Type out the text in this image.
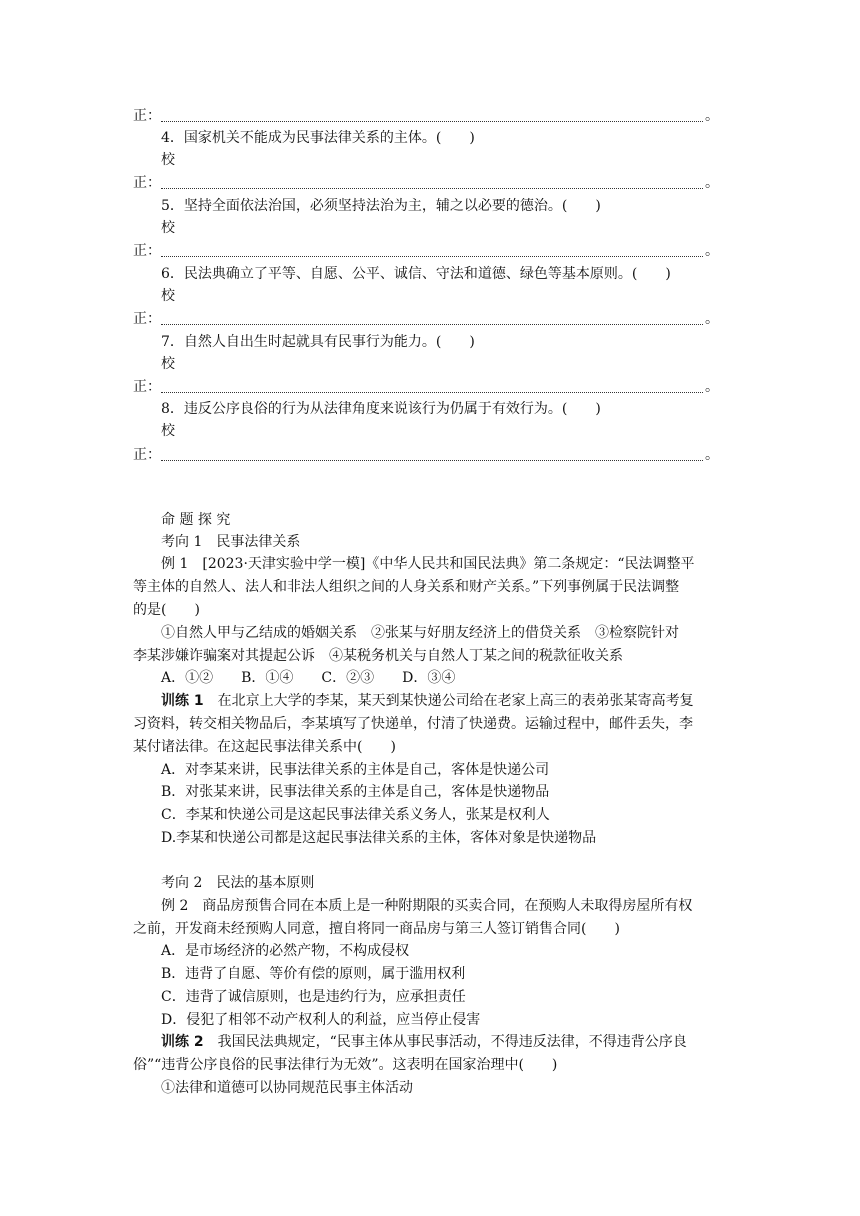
正：	。
4．国家机关不能成为民事法律关系的主体。(　　)
校
正：	。
5．坚持全面依法治国，必须坚持法治为主，辅之以必要的德治。(　　)
校
正：	。
6．民法典确立了平等、自愿、公平、诚信、守法和道德、绿色等基本原则。(　　)
校
正：	。
7．自然人自出生时起就具有民事行为能力。(　　)
校
正：	。
8．违反公序良俗的行为从法律角度来说该行为仍属于有效行为。(　　)
校
正：	。
命 题 探 究
考向 1　民事法律关系
例 1　[2023·天津实验中学一模]《中华人民共和国民法典》第二条规定：“民法调整平
等主体的自然人、法人和非法人组织之间的人身关系和财产关系。”下列事例属于民法调整
的是(　　)
①自然人甲与乙结成的婚姻关系　②张某与好朋友经济上的借贷关系　③检察院针对
李某涉嫌诈骗案对其提起公诉　④某税务机关与自然人丁某之间的税款征收关系
A．①②　　B．①④　　C．②③　　D．③④
训练 1　在北京上大学的李某，某天到某快递公司给在老家上高三的表弟张某寄高考复
习资料，转交相关物品后，李某填写了快递单，付清了快递费。运输过程中，邮件丢失，李
某付诸法律。在这起民事法律关系中(　　)
A．对李某来讲，民事法律关系的主体是自己，客体是快递公司
B．对张某来讲，民事法律关系的主体是自己，客体是快递物品
C．李某和快递公司是这起民事法律关系义务人，张某是权利人
D.李某和快递公司都是这起民事法律关系的主体，客体对象是快递物品
考向 2　民法的基本原则
例 2　商品房预售合同在本质上是一种附期限的买卖合同，在预购人未取得房屋所有权
之前，开发商未经预购人同意，擅自将同一商品房与第三人签订销售合同(　　)
A．是市场经济的必然产物，不构成侵权
B．违背了自愿、等价有偿的原则，属于滥用权利
C．违背了诚信原则，也是违约行为，应承担责任
D．侵犯了相邻不动产权利人的利益，应当停止侵害
训练 2　我国民法典规定，“民事主体从事民事活动，不得违反法律，不得违背公序良
俗”“违背公序良俗的民事法律行为无效”。这表明在国家治理中(　　)
①法律和道德可以协同规范民事主体活动
